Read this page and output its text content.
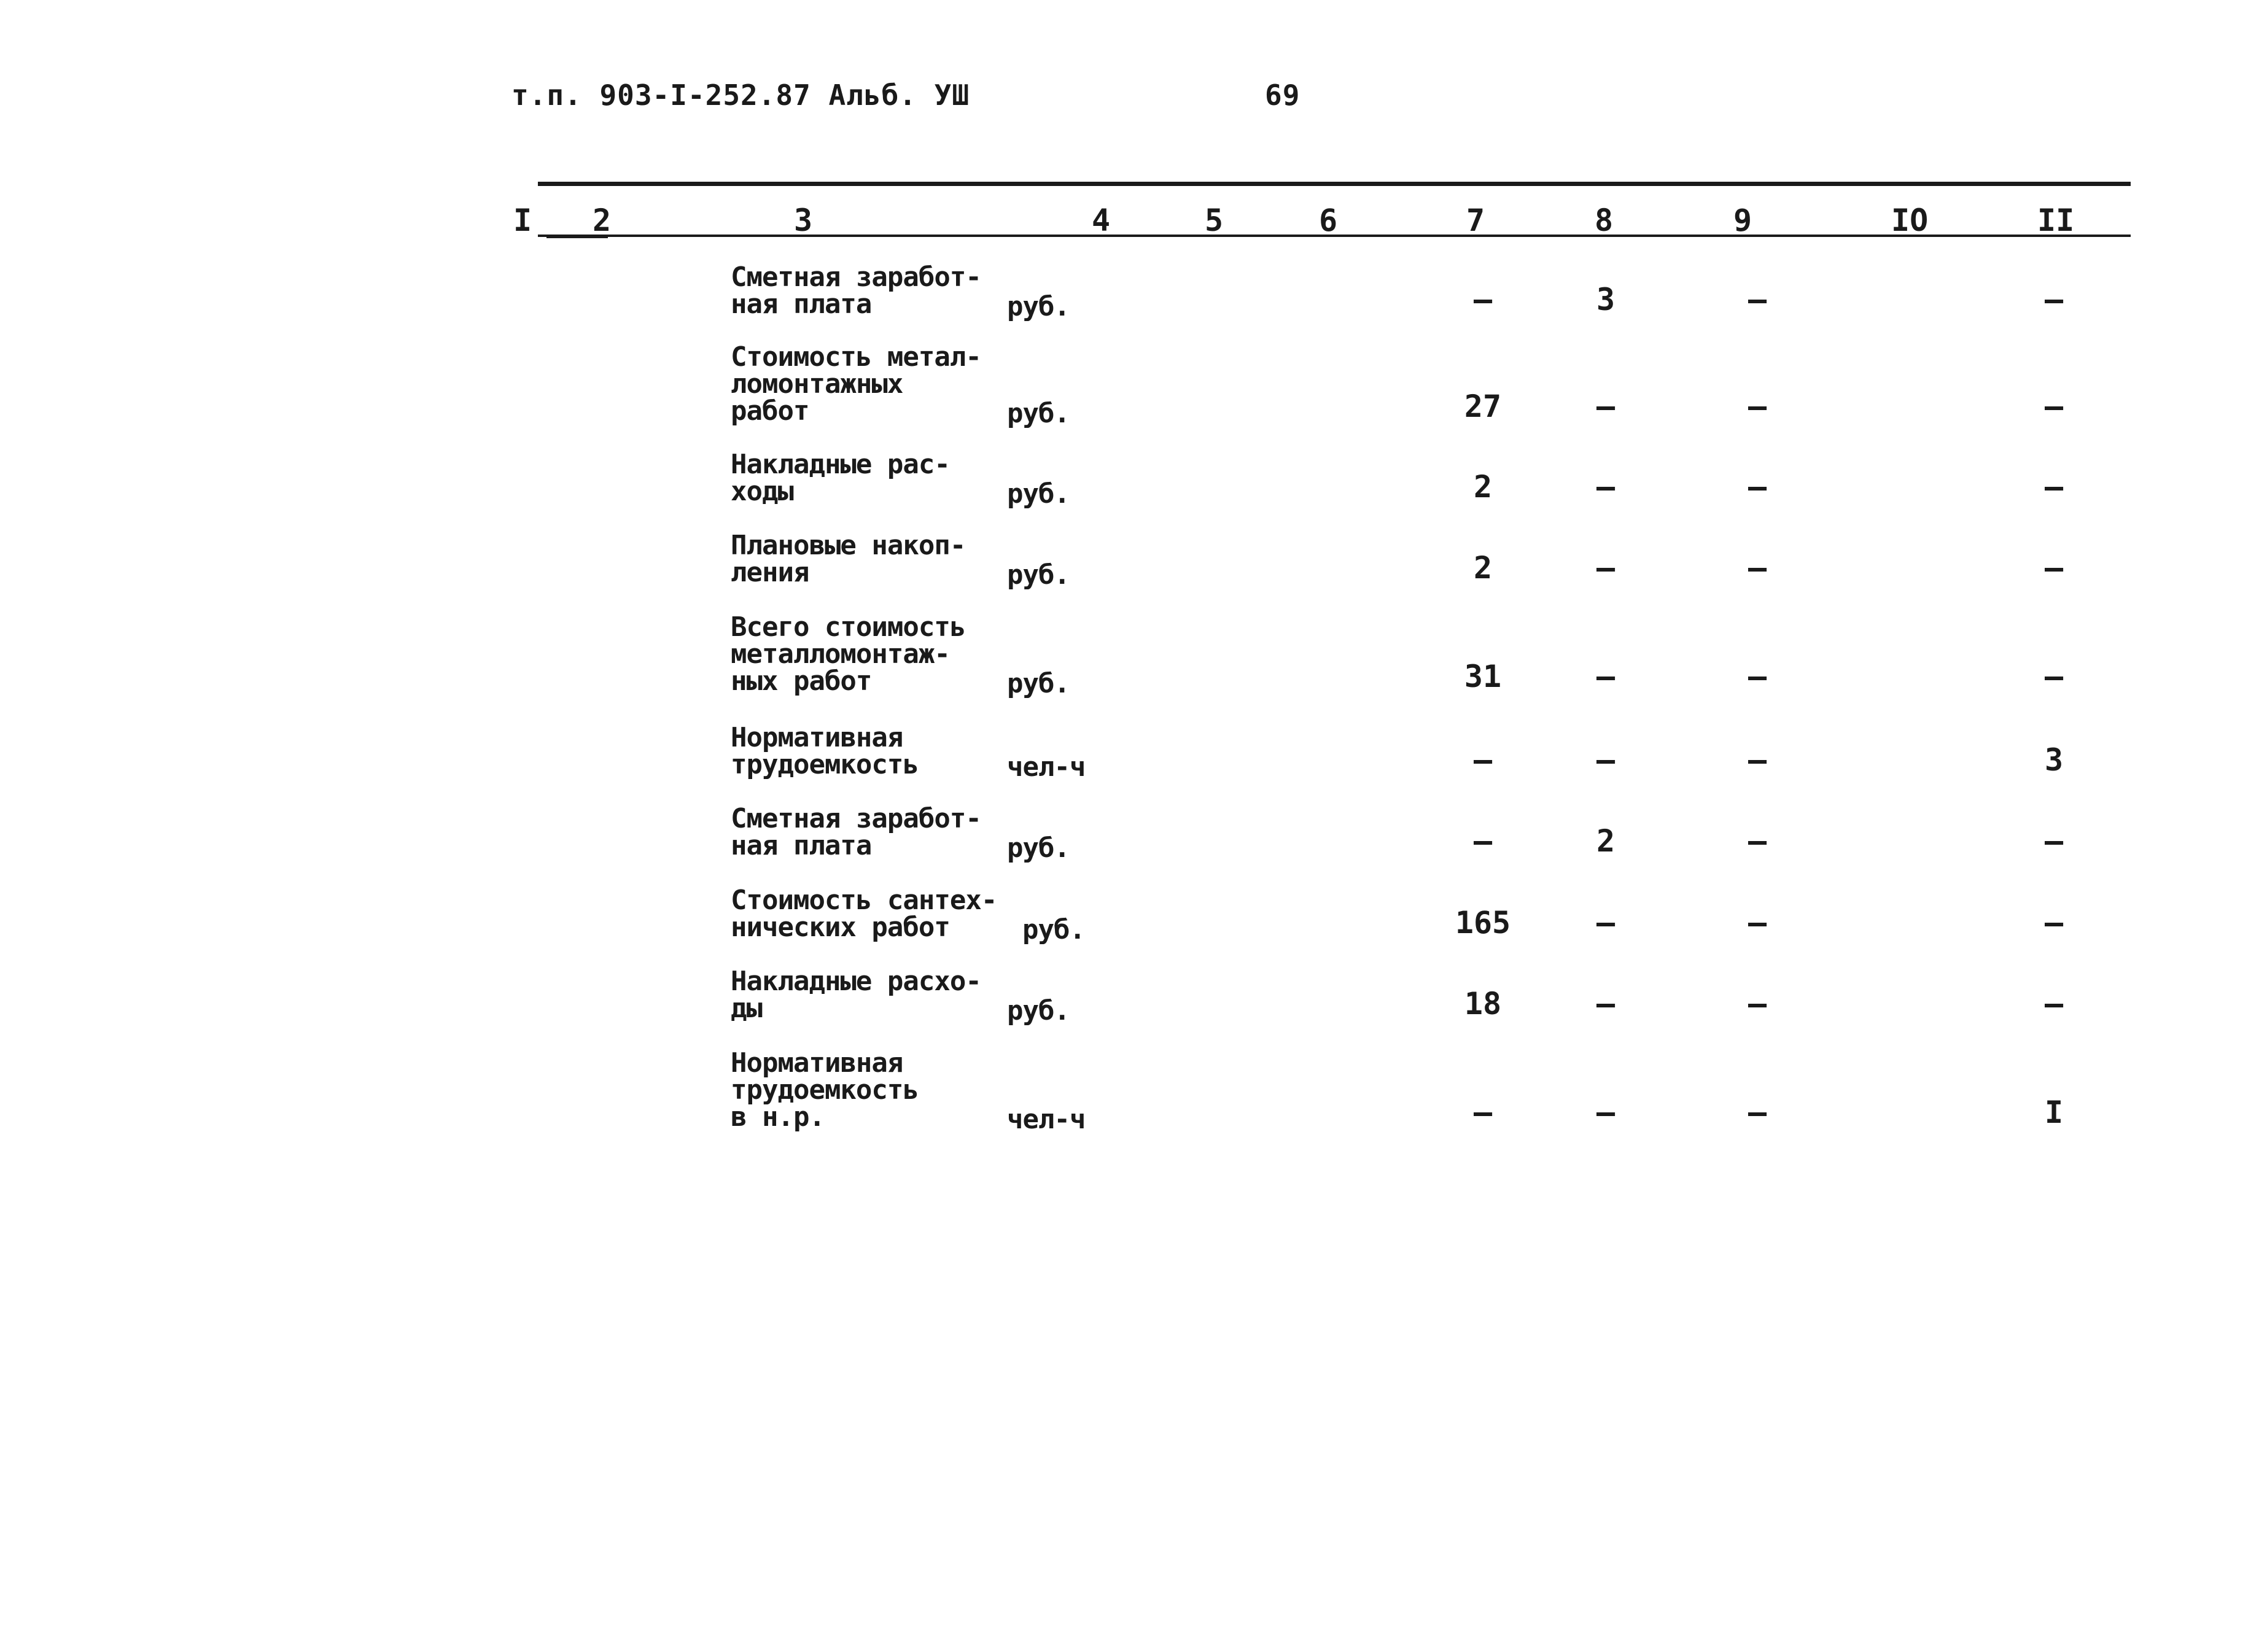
т.п. 903-I-252.87 Альб. УШ	69
I 2	3	4	5	6	7	8	9	IO	II
Сметная заработ-
ная плата	руб.	–	3	–	–
Стоимость метал-
ломонтажных
работ	руб.	27	–	–	–
Накладные рас-
ходы	руб.	2	–	–	–
Плановые накоп-
ления	руб.	2	–	–	–
Всего стоимость
металломонтаж-
ных работ	руб.	31	–	–	–
Нормативная
трудоемкость	чел-ч	–	–	–	3
Сметная заработ-
ная плата	руб.	–	2	–	–
Стоимость сантех-
нических работ	руб.	165	–	–	–
Накладные расхо-
ды	руб.	18	–	–	–
Нормативная
трудоемкость
в н.р.	чел-ч	–	–	–	I
